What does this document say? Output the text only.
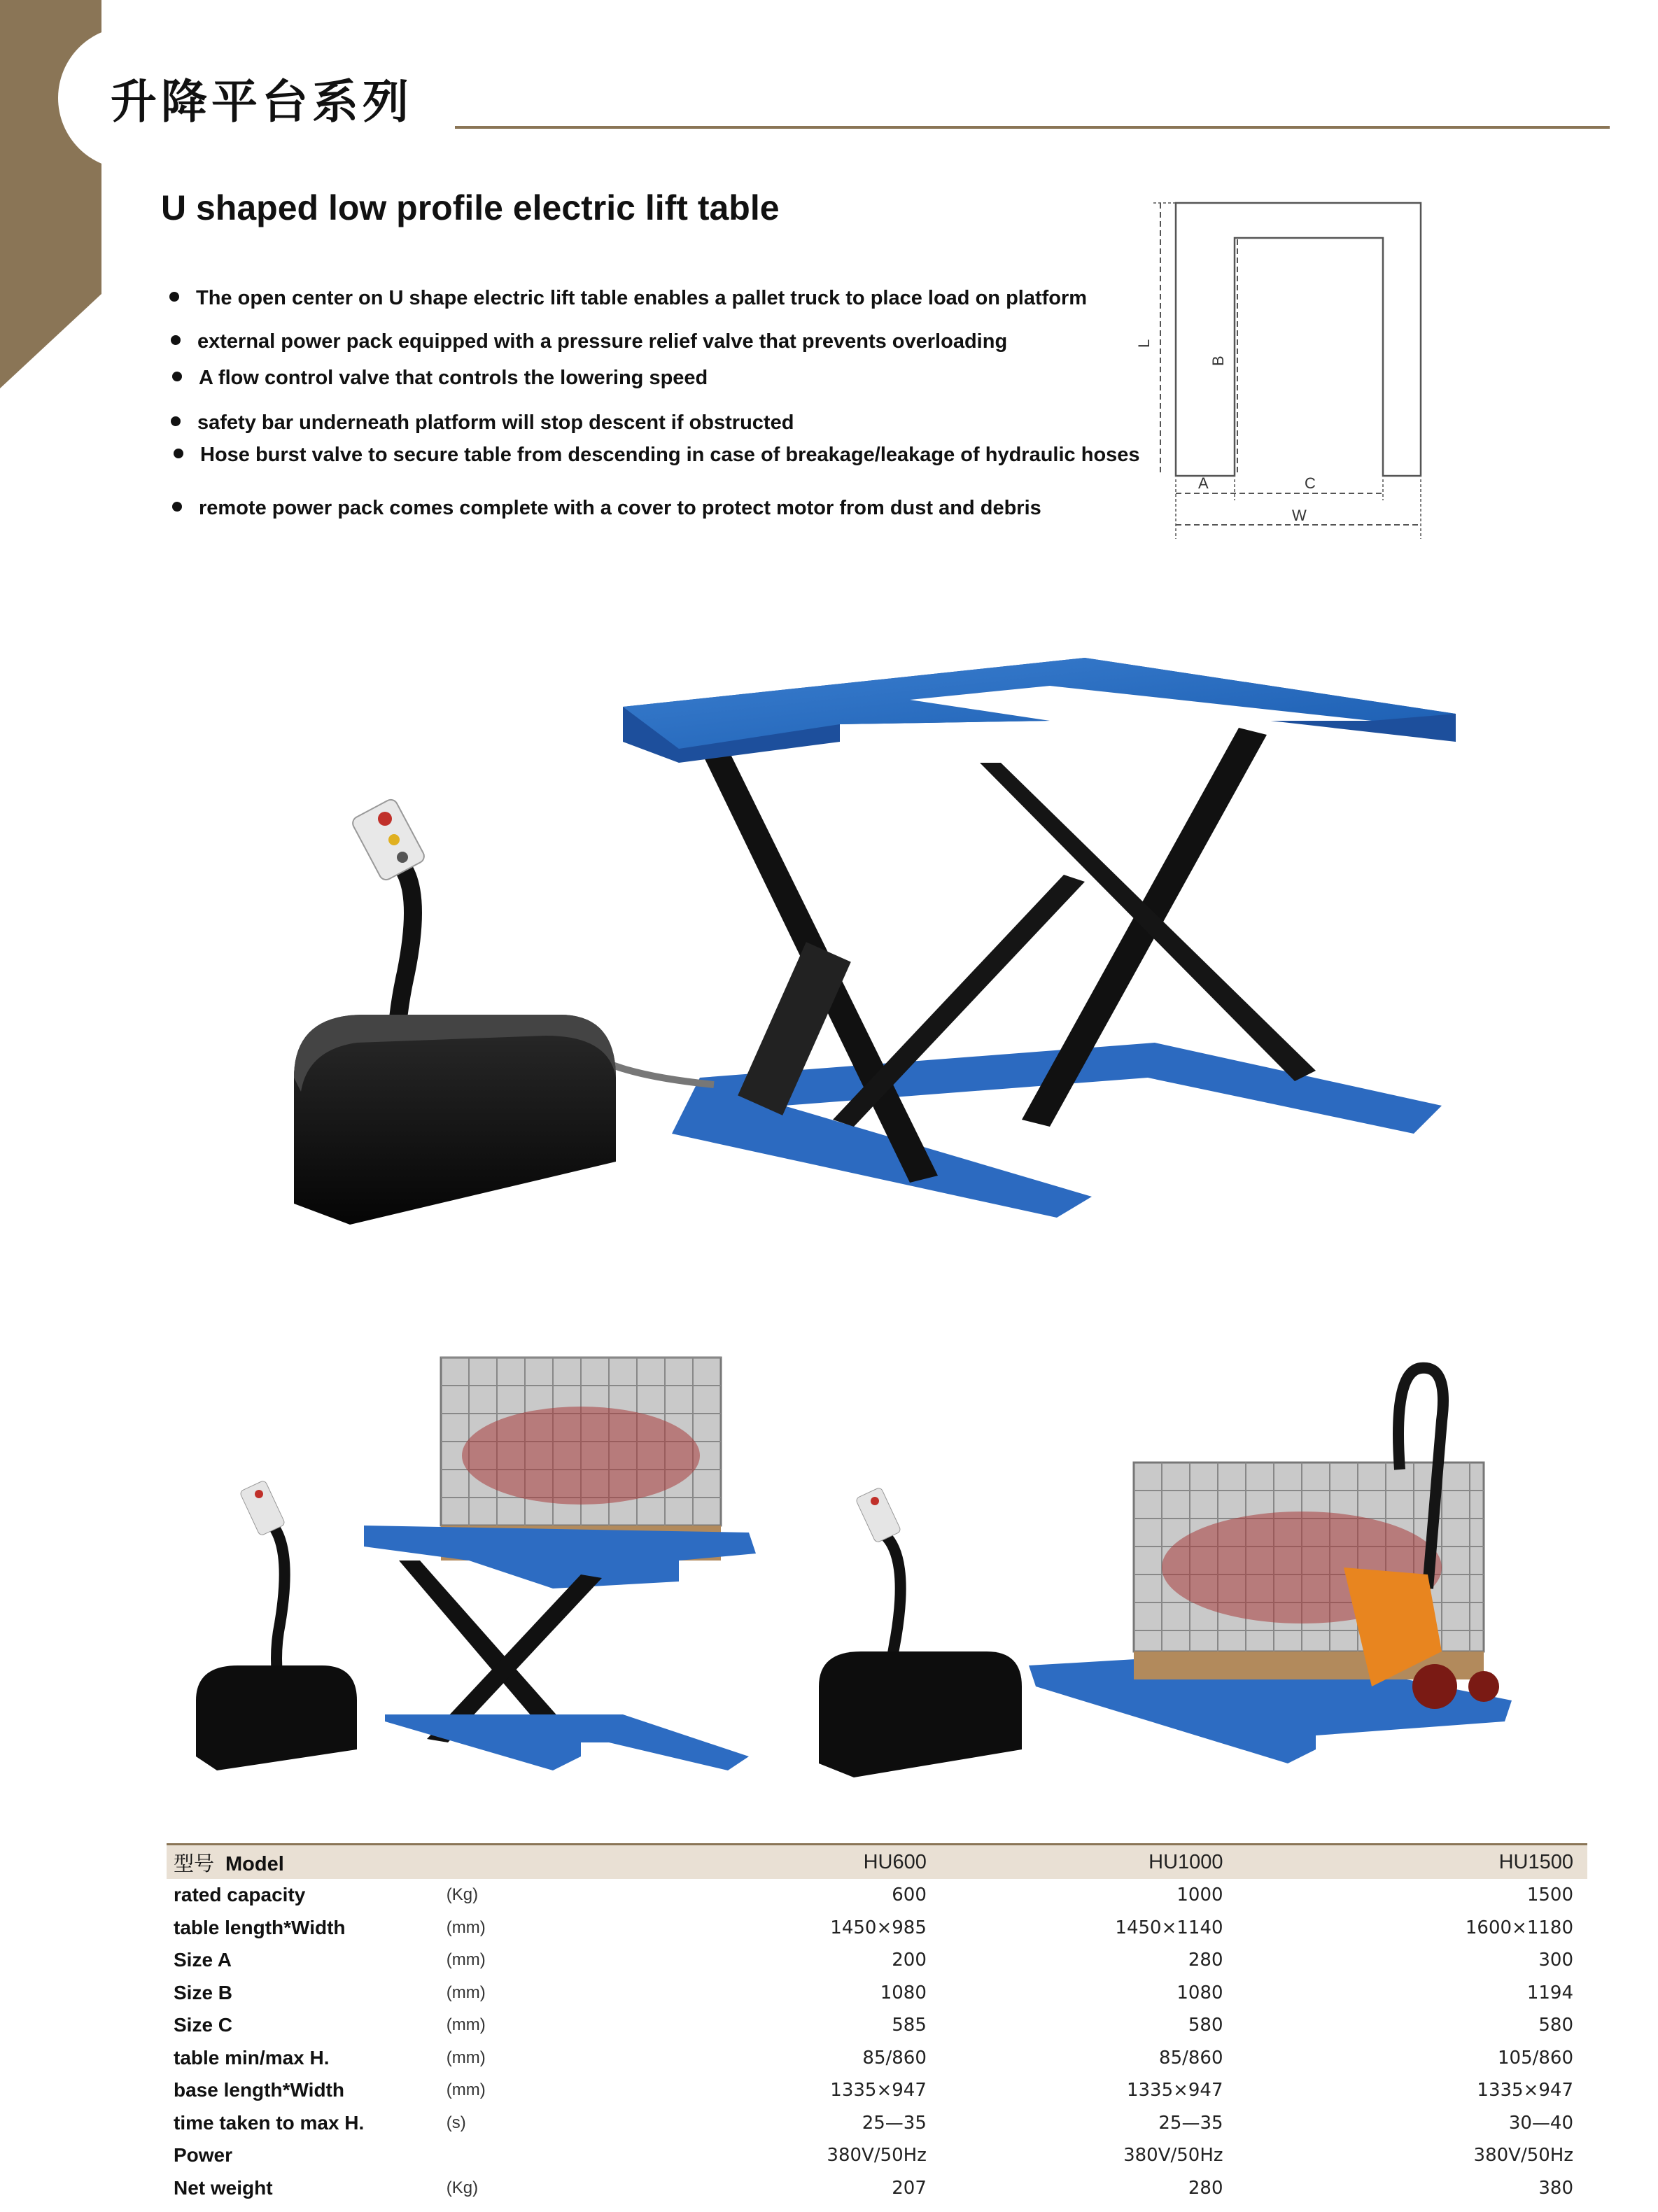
升降平台系列
U shaped low profile electric lift table
The open center on U shape electric lift table enables a pallet truck to place load on platform
external power pack equipped with a pressure relief valve that prevents overloading
A flow control valve that controls the lowering speed
safety bar underneath platform will stop descent if obstructed
Hose burst valve to secure table from descending in case of breakage/leakage of hydraulic hoses
remote power pack comes complete with a cover to protect motor from dust and debris
L
B
A	C
W
型号 Model		HU600	HU1000	HU1500
rated capacity	(Kg)	600	1000	1500
table length*Width	(mm)	1450×985	1450×1140	1600×1180
Size A	(mm)	200	280	300
Size B	(mm)	1080	1080	1194
Size C	(mm)	585	580	580
table min/max H.	(mm)	85/860	85/860	105/860
base length*Width	(mm)	1335×947	1335×947	1335×947
time taken to max H.	(s)	25—35	25—35	30—40
Power		380V/50Hz	380V/50Hz	380V/50Hz
Net weight	(Kg)	207	280	380
